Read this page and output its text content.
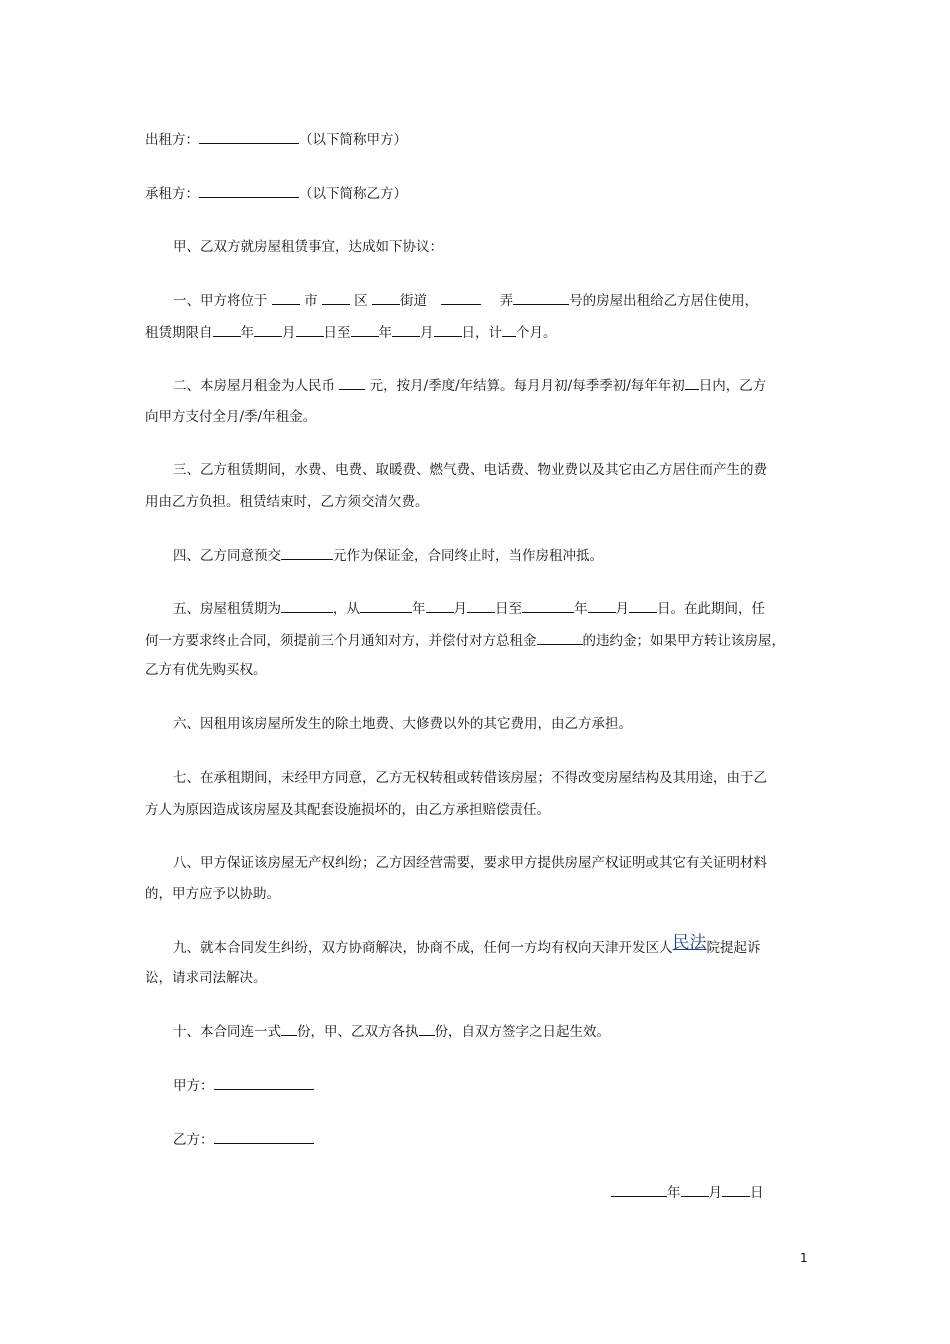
出租方：	（以下简称甲方）
承租方：	（以下简称乙方）
甲、乙双方就房屋租赁事宜，达成如下协议：
一、甲方将位于  市  区 街道	弄	号的房屋出租给乙方居住使用，
租赁期限自 年 月 日至 年 月 日，计 个月。
二、本房屋月租金为人民币  元，按月/季度/年结算。每月月初/每季季初/每年年初 日内，乙方
向甲方支付全月/季/年租金。
三、乙方租赁期间，水费、电费、取暖费、燃气费、电话费、物业费以及其它由乙方居住而产生的费
用由乙方负担。租赁结束时，乙方须交清欠费。
四、乙方同意预交	元作为保证金，合同终止时，当作房租冲抵。
五、房屋租赁期为	，从	年 月 日至	年 月 日。在此期间，任
何一方要求终止合同，须提前三个月通知对方，并偿付对方总租金	的违约金；如果甲方转让该房屋，
乙方有优先购买权。
六、因租用该房屋所发生的除土地费、大修费以外的其它费用，由乙方承担。
七、在承租期间，未经甲方同意，乙方无权转租或转借该房屋；不得改变房屋结构及其用途，由于乙
方人为原因造成该房屋及其配套设施损坏的，由乙方承担赔偿责任。
八、甲方保证该房屋无产权纠纷；乙方因经营需要，要求甲方提供房屋产权证明或其它有关证明材料
的，甲方应予以协助。
九、就本合同发生纠纷，双方协商解决，协商不成，任何一方均有权向天津开发区人民法院提起诉
讼，请求司法解决。
十、本合同连一式 份，甲、乙双方各执 份，自双方签字之日起生效。
甲方：
乙方：
年 月 日
1
